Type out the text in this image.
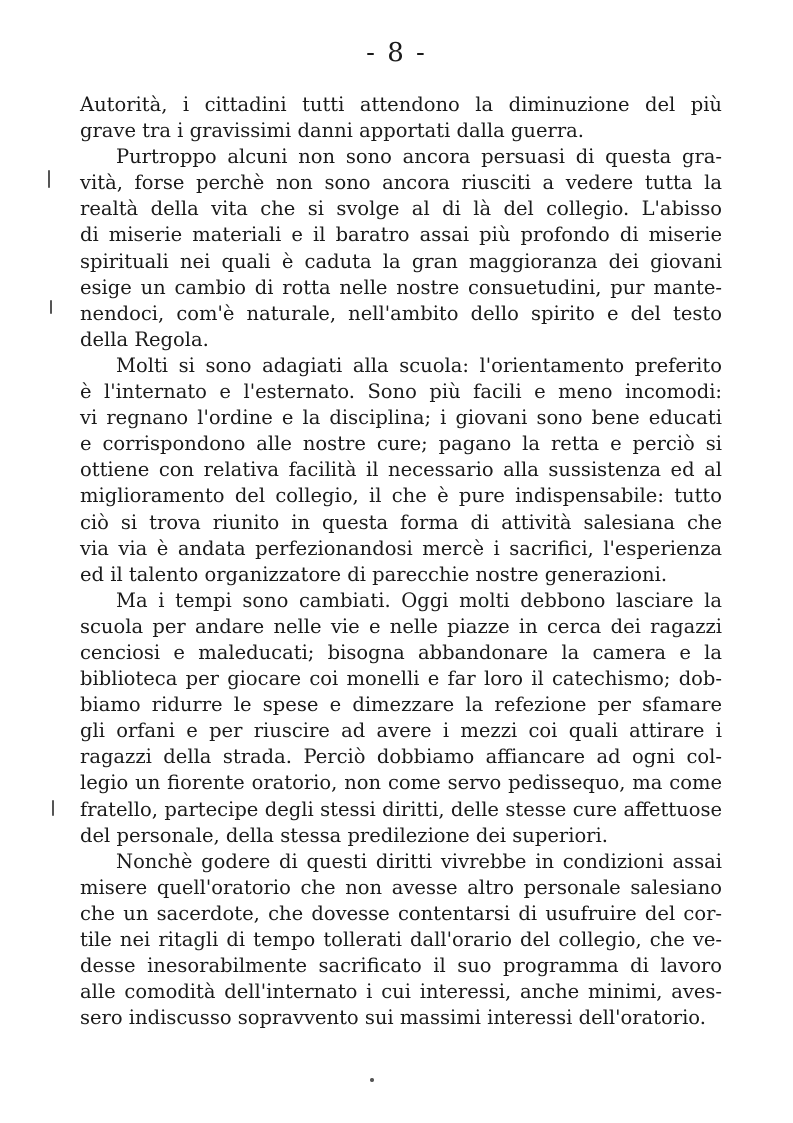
- 8 -
Autorità, i cittadini tutti attendono la diminuzione del più
grave tra i gravissimi danni apportati dalla guerra.
Purtroppo alcuni non sono ancora persuasi di questa gra-
vità, forse perchè non sono ancora riusciti a vedere tutta la
realtà della vita che si svolge al di là del collegio. L'abisso
di miserie materiali e il baratro assai più profondo di miserie
spirituali nei quali è caduta la gran maggioranza dei giovani
esige un cambio di rotta nelle nostre consuetudini, pur mante-
nendoci, com'è naturale, nell'ambito dello spirito e del testo
della Regola.
Molti si sono adagiati alla scuola: l'orientamento preferito
è l'internato e l'esternato. Sono più facili e meno incomodi:
vi regnano l'ordine e la disciplina; i giovani sono bene educati
e corrispondono alle nostre cure; pagano la retta e perciò si
ottiene con relativa facilità il necessario alla sussistenza ed al
miglioramento del collegio, il che è pure indispensabile: tutto
ciò si trova riunito in questa forma di attività salesiana che
via via è andata perfezionandosi mercè i sacrifici, l'esperienza
ed il talento organizzatore di parecchie nostre generazioni.
Ma i tempi sono cambiati. Oggi molti debbono lasciare la
scuola per andare nelle vie e nelle piazze in cerca dei ragazzi
cenciosi e maleducati; bisogna abbandonare la camera e la
biblioteca per giocare coi monelli e far loro il catechismo; dob-
biamo ridurre le spese e dimezzare la refezione per sfamare
gli orfani e per riuscire ad avere i mezzi coi quali attirare i
ragazzi della strada. Perciò dobbiamo affiancare ad ogni col-
legio un fiorente oratorio, non come servo pedissequo, ma come
fratello, partecipe degli stessi diritti, delle stesse cure affettuose
del personale, della stessa predilezione dei superiori.
Nonchè godere di questi diritti vivrebbe in condizioni assai
misere quell'oratorio che non avesse altro personale salesiano
che un sacerdote, che dovesse contentarsi di usufruire del cor-
tile nei ritagli di tempo tollerati dall'orario del collegio, che ve-
desse inesorabilmente sacrificato il suo programma di lavoro
alle comodità dell'internato i cui interessi, anche minimi, aves-
sero indiscusso sopravvento sui massimi interessi dell'oratorio.
